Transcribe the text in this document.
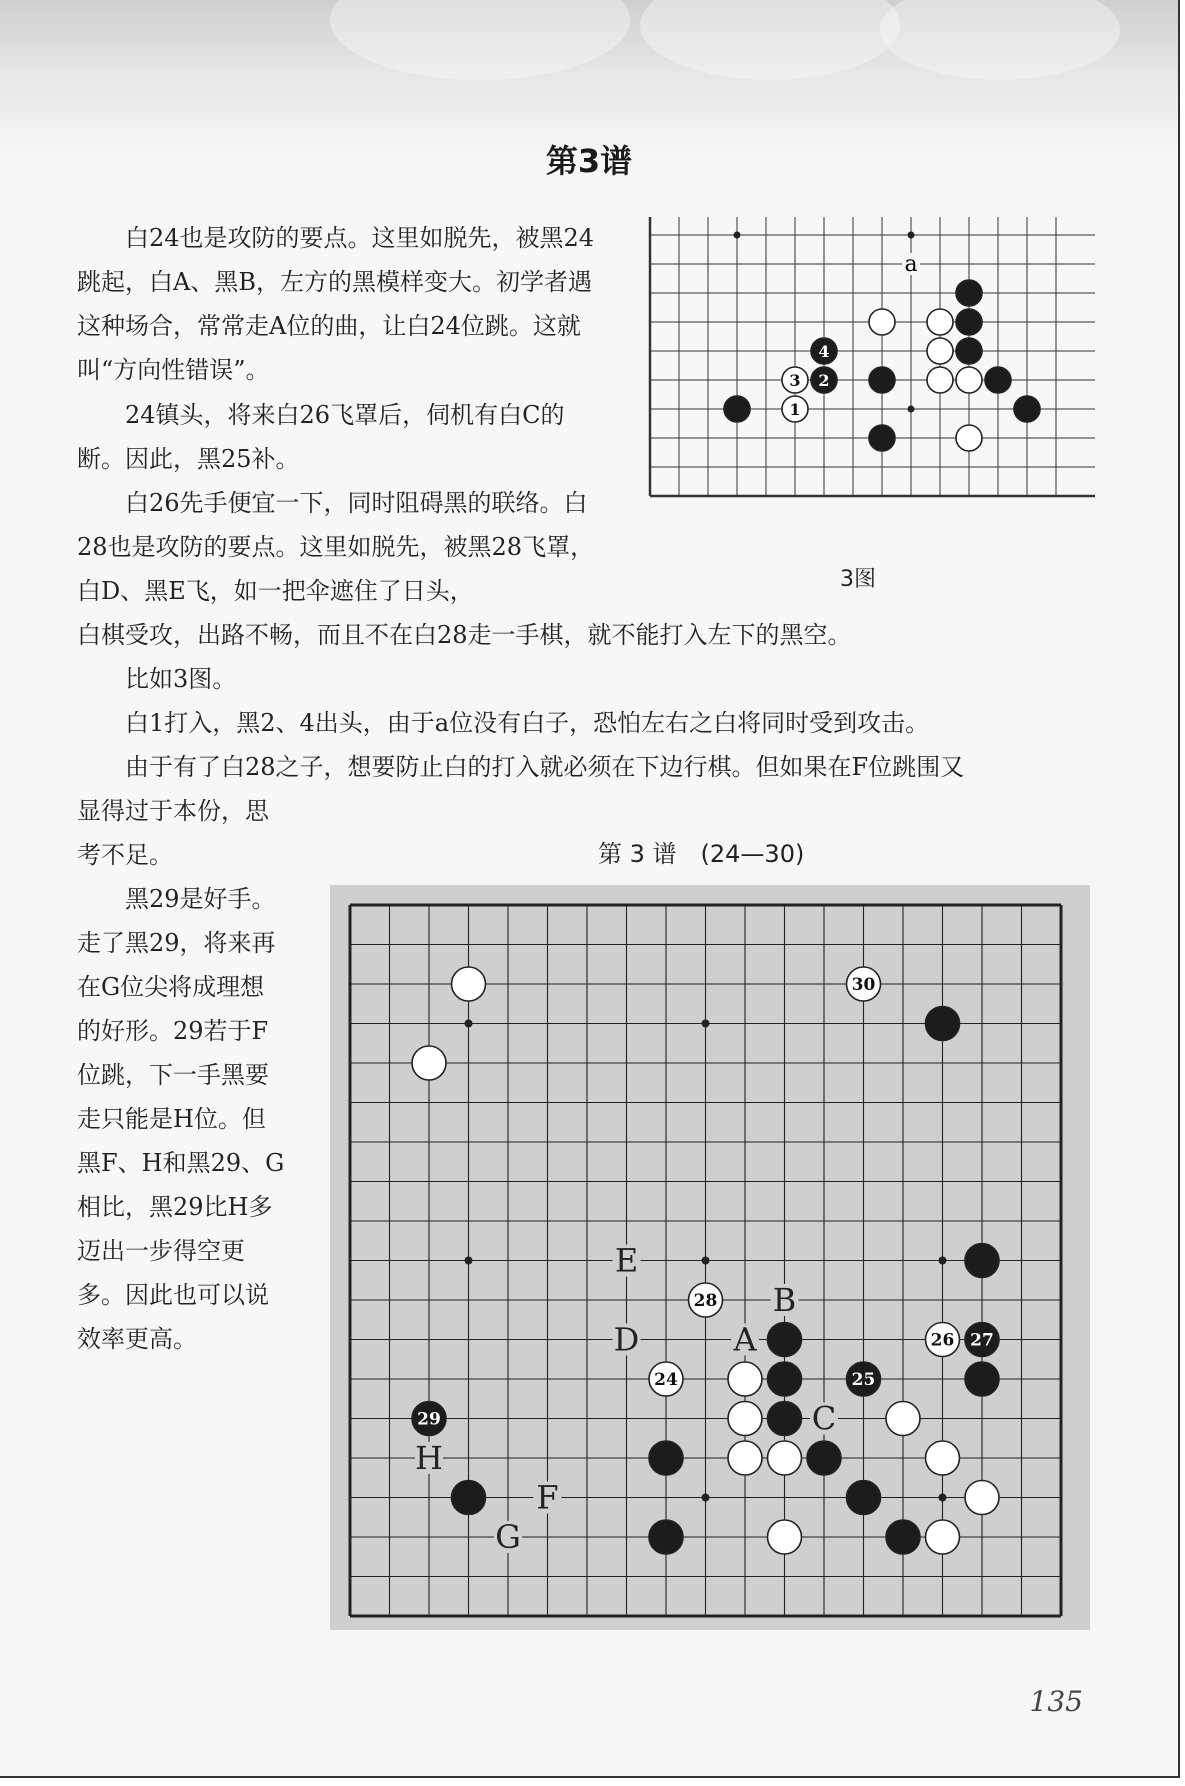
第3谱

白24也是攻防的要点。这里如脱先，被黑24跳起，白A、黑B，左方的黑模样变大。初学者遇这种场合，常常走A位的曲，让白24位跳。这就叫“方向性错误”。

24镇头，将来白26飞罩后，伺机有白C的断。因此，黑25补。

白26先手便宜一下，同时阻碍黑的联络。白28也是攻防的要点。这里如脱先，被黑28飞罩，白D、黑E飞，如一把伞遮住了日头，

白棋受攻，出路不畅，而且不在白28走一手棋，就不能打入左下的黑空。

比如3图。

白1打入，黑2、4出头，由于a位没有白子，恐怕左右之白将同时受到攻击。

由于有了白28之子，想要防止白的打入就必须在下边行棋。但如果在F位跳围又

显得过于本份，思考不足。

黑29是好手。走了黑29，将来再在G位尖将成理想的好形。29若于F位跳，下一手黑要走只能是H位。但黑F、H和黑29、G相比，黑29比H多迈出一步得空更多。因此也可以说效率更高。

a
4
3 2
1
3图
第 3 谱　(24—30)
A
B
C
D
E
F
G
H
30
28
26 27
24	25
29
135
